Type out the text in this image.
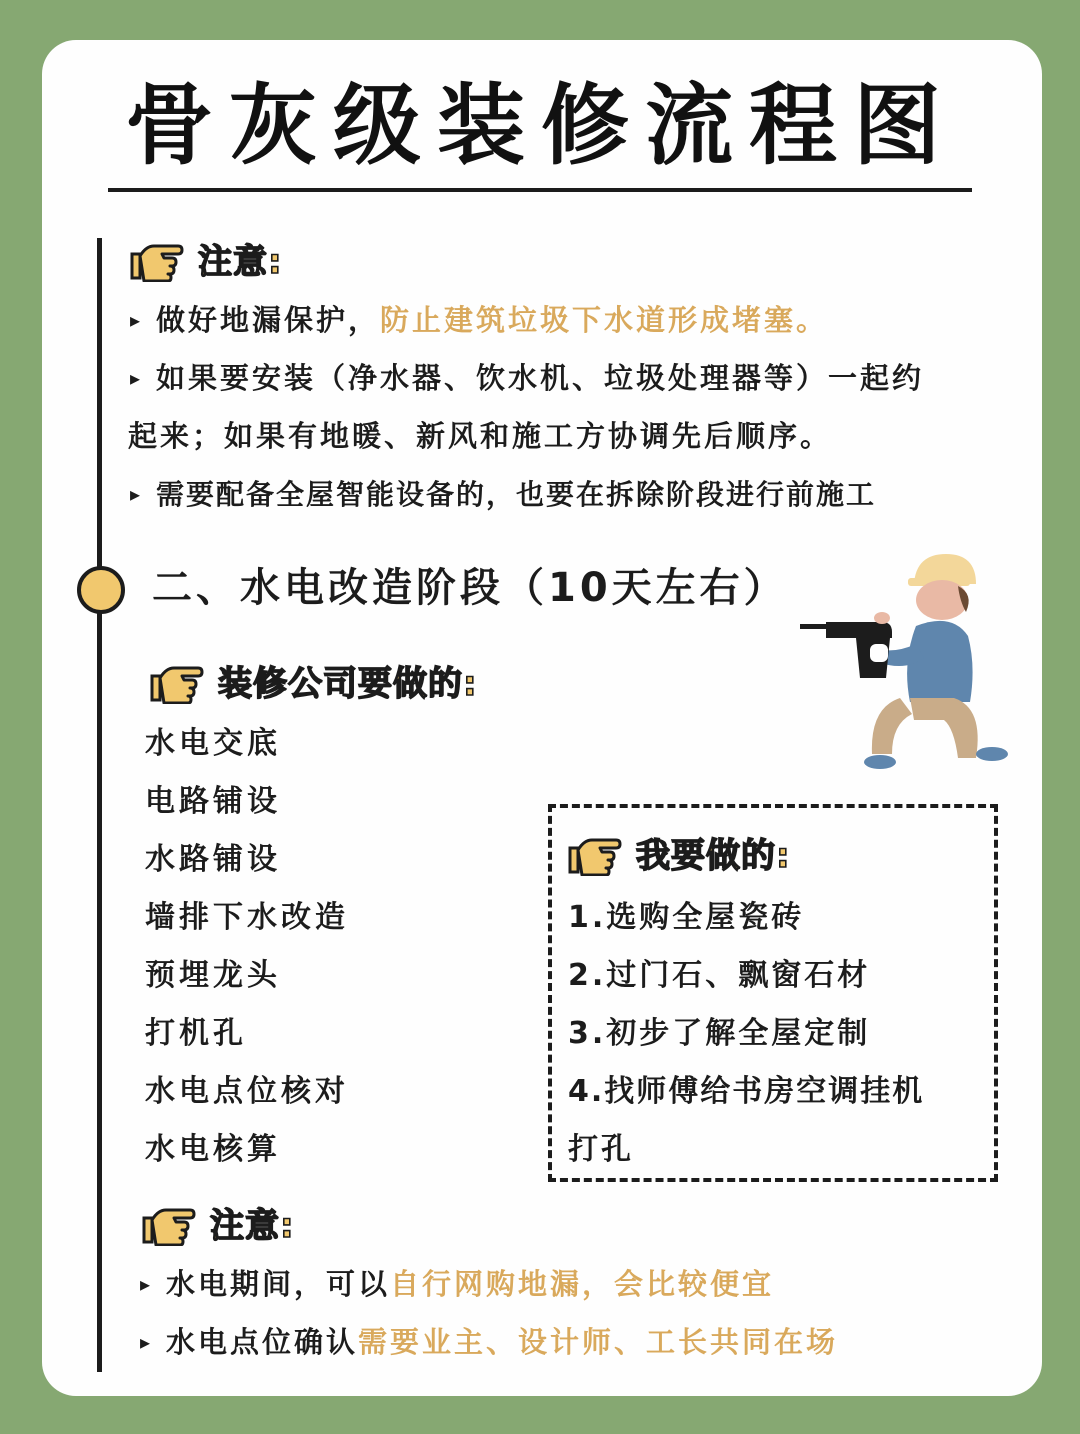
骨灰级装修流程图
注意:
▸ 做好地漏保护，防止建筑垃圾下水道形成堵塞。
▸ 如果要安装（净水器、饮水机、垃圾处理器等）一起约
起来；如果有地暖、新风和施工方协调先后顺序。
▸ 需要配备全屋智能设备的，也要在拆除阶段进行前施工
二、水电改造阶段（10天左右）
装修公司要做的:
水电交底
电路铺设
水路铺设
墙排下水改造
预埋龙头
打机孔
水电点位核对
水电核算
我要做的:
1.选购全屋瓷砖
2.过门石、飘窗石材
3.初步了解全屋定制
4.找师傅给书房空调挂机
打孔
注意:
▸ 水电期间，可以自行网购地漏，会比较便宜
▸ 水电点位确认需要业主、设计师、工长共同在场
